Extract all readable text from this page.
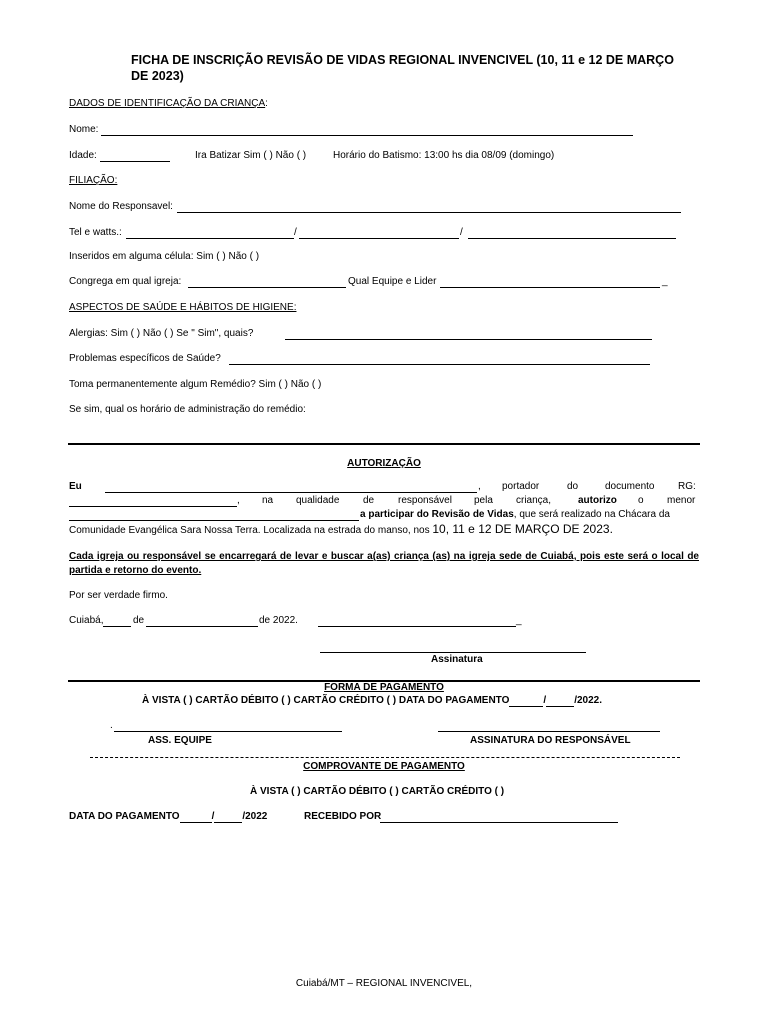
FICHA DE INSCRIÇÃO REVISÃO DE VIDAS REGIONAL INVENCIVEL (10, 11 e 12 DE MARÇO DE 2023)
DADOS DE IDENTIFICAÇÃO DA CRIANÇA:
Nome:
Idade:	Ira Batizar Sim ( ) Não ( )	Horário do Batismo: 13:00 hs dia 08/09 (domingo)
FILIAÇÃO:
Nome do Responsavel:
Tel e watts.:	/	/
Inseridos em alguma célula: Sim ( ) Não ( )
Congrega em qual igreja:	Qual Equipe e Lider	_
ASPECTOS DE SAÚDE E HÁBITOS DE HIGIENE:
Alergias: Sim ( ) Não ( ) Se " Sim", quais?
Problemas específicos de Saúde?
Toma permanentemente algum Remédio? Sim ( ) Não ( )
Se sim, qual os horário de administração do remédio:
AUTORIZAÇÃO
Eu	, portador	do	documento RG:
, na qualidade de responsável pela criança,	autorizo o menor
a participar do Revisão de Vidas, que será realizado na Chácara da
Comunidade Evangélica Sara Nossa Terra. Localizada na estrada do manso, nos 10, 11 e 12 DE MARÇO DE 2023.
Cada igreja ou responsável se encarregará de levar e buscar a(as) criança (as) na igreja sede de Cuiabá, pois este será o local de partida e retorno do evento.
Por ser verdade firmo.
Cuiabá,	de	de 2022.	_
Assinatura
FORMA DE PAGAMENTO
À VISTA ( ) CARTÃO DÉBITO ( ) CARTÃO CRÉDITO ( ) DATA DO PAGAMENTO	/	/2022.
.
ASS. EQUIPE	ASSINATURA DO RESPONSÁVEL
COMPROVANTE DE PAGAMENTO
À VISTA ( ) CARTÃO DÉBITO ( ) CARTÃO CRÉDITO ( )
DATA DO PAGAMENTO	/	/2022	RECEBIDO POR
Cuiabá/MT – REGIONAL INVENCIVEL,
